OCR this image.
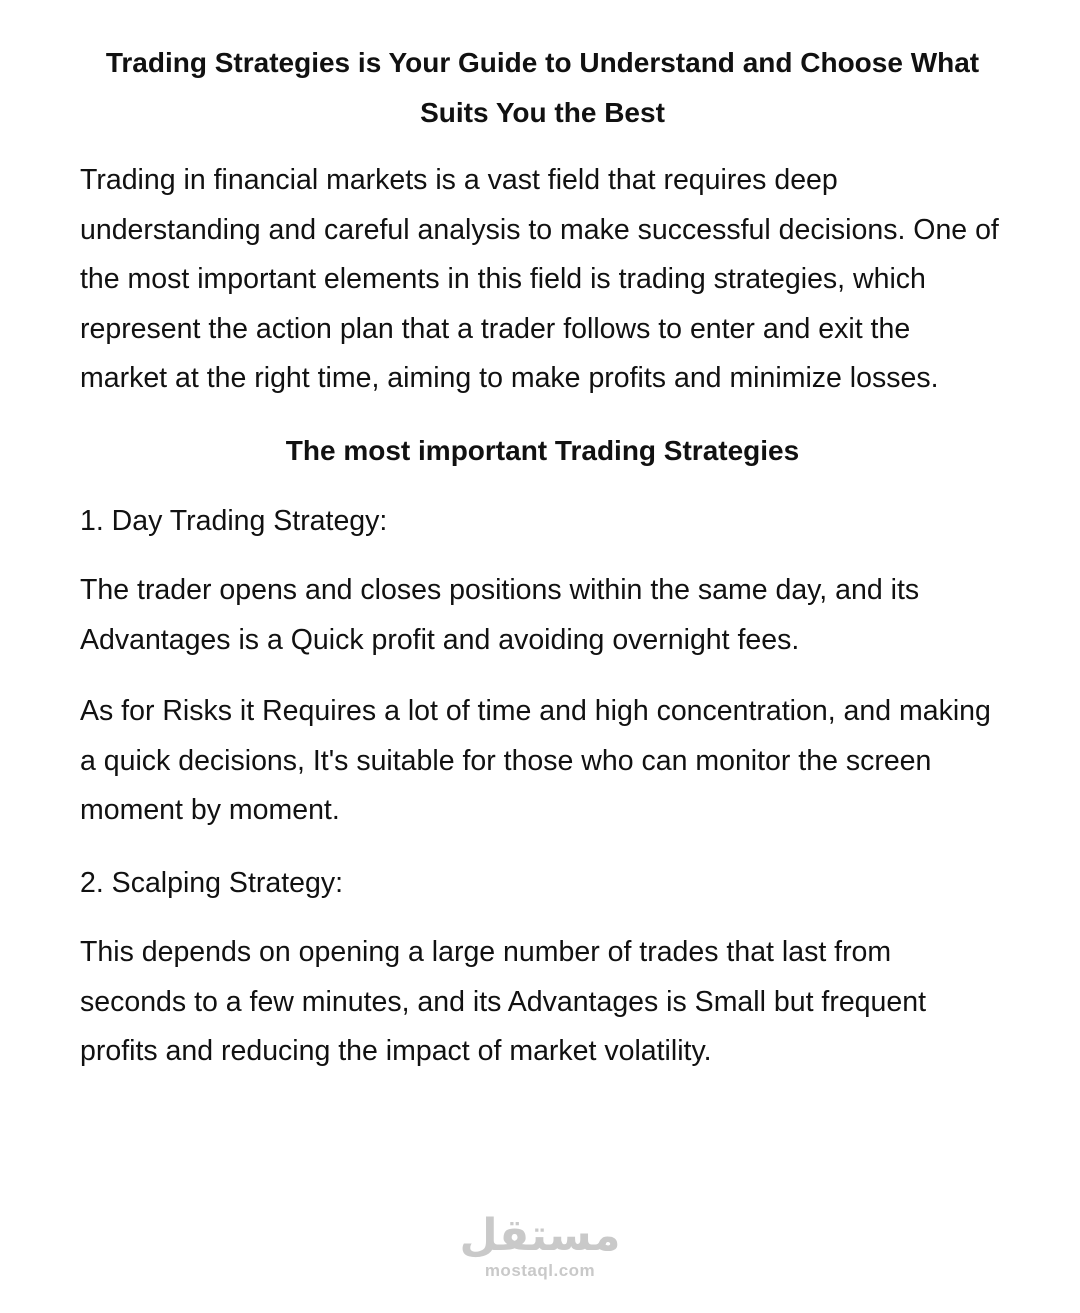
Trading Strategies is Your Guide to Understand and Choose What Suits You the Best

Trading in financial markets is a vast field that requires deep understanding and careful analysis to make successful decisions. One of the most important elements in this field is trading strategies, which represent the action plan that a trader follows to enter and exit the market at the right time, aiming to make profits and minimize losses.

The most important Trading Strategies
1. Day Trading Strategy:

The trader opens and closes positions within the same day, and its Advantages is a Quick profit and avoiding overnight fees.

As for Risks it Requires a lot of time and high concentration, and making a quick decisions, It's suitable for those who can monitor the screen moment by moment.

2. Scalping Strategy:

This depends on opening a large number of trades that last from seconds to a few minutes, and its Advantages is Small but frequent profits and reducing the impact of market volatility.

مستقل
mostaql.com
